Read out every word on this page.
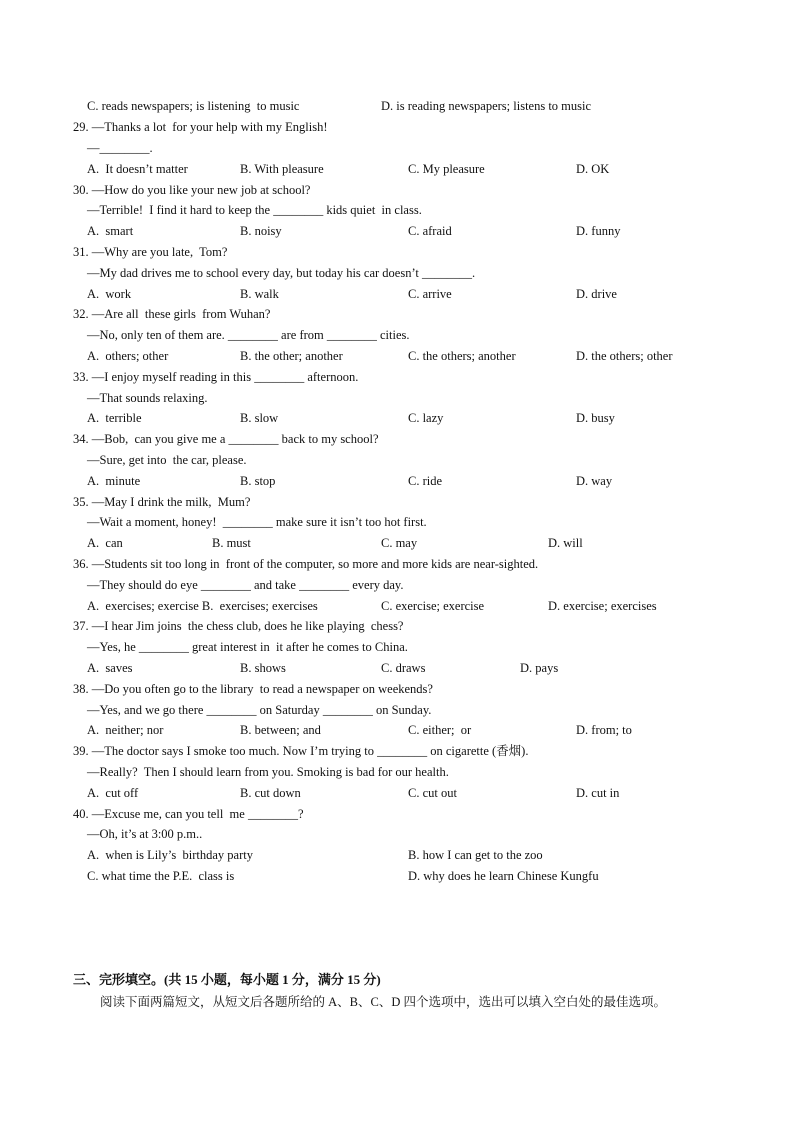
C. reads newspapers; is listening  to music	D. is reading newspapers; listens to music
29. —Thanks a lot  for your help with my English!
—________.
A.  It doesn’t matter	B. With pleasure	C. My pleasure	D. OK
30. —How do you like your new job at school?
—Terrible!  I find it hard to keep the ________ kids quiet  in class.
A.  smart	B. noisy	C. afraid	D. funny
31. —Why are you late,  Tom?
—My dad drives me to school every day, but today his car doesn’t ________.
A.  work	B. walk	C. arrive	D. drive
32. —Are all  these girls  from Wuhan?
—No, only ten of them are. ________ are from ________ cities.
A.  others; other	B. the other; another	C. the others; another	D. the others; other
33. —I enjoy myself reading in this ________ afternoon.
—That sounds relaxing.
A.  terrible	B. slow	C. lazy	D. busy
34. —Bob,  can you give me a ________ back to my school?
—Sure, get into  the car, please.
A.  minute	B. stop	C. ride	D. way
35. —May I drink the milk,  Mum?
—Wait a moment, honey!  ________ make sure it isn’t too hot first.
A.  can	B. must	C. may	D. will
36. —Students sit too long in  front of the computer, so more and more kids are near-sighted.
—They should do eye ________ and take ________ every day.
A.  exercises; exercise B.  exercises; exercises	C. exercise; exercise	D. exercise; exercises
37. —I hear Jim joins  the chess club, does he like playing  chess?
—Yes, he ________ great interest in  it after he comes to China.
A.  saves	B. shows	C. draws	D. pays
38. —Do you often go to the library  to read a newspaper on weekends?
—Yes, and we go there ________ on Saturday ________ on Sunday.
A.  neither; nor	B. between; and	C. either;  or	D. from; to
39. —The doctor says I smoke too much. Now I’m trying to ________ on cigarette (香烟).
—Really?  Then I should learn from you. Smoking is bad for our health.
A.  cut off	B. cut down	C. cut out	D. cut in
40. —Excuse me, can you tell  me ________?
—Oh, it’s at 3:00 p.m..
A.  when is Lily’s  birthday party	B. how I can get to the zoo
C. what time the P.E.  class is	D. why does he learn Chinese Kungfu
三、完形填空。(共 15 小题，每小题 1 分，满分 15 分)
阅读下面两篇短文，从短文后各题所给的 A、B、C、D 四个选项中，选出可以填入空白处的最佳选项。
